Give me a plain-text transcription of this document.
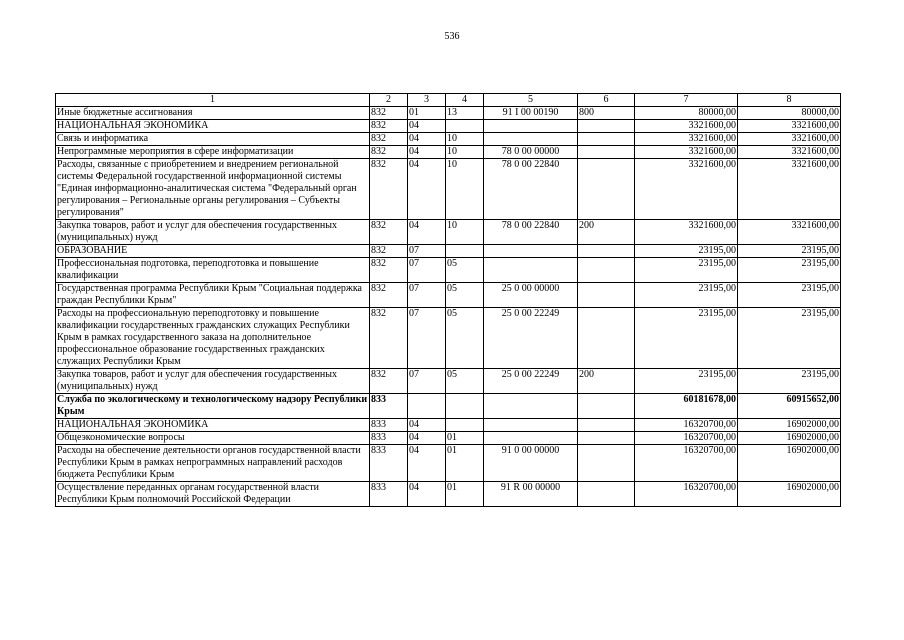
536
1	2	3	4	5	6	7	8
Иные бюджетные ассигнования	832	01	13	91 I 00 00190	800	80000,00	80000,00
НАЦИОНАЛЬНАЯ ЭКОНОМИКА	832	04				3321600,00	3321600,00
Связь и информатика	832	04	10			3321600,00	3321600,00
Непрограммные мероприятия в сфере информатизации	832	04	10	78 0 00 00000		3321600,00	3321600,00
Расходы, связанные с приобретением и внедрением региональной системы Федеральной государственной информационной системы "Единая информационно-аналитическая система "Федеральный орган регулирования – Региональные органы регулирования – Субъекты регулирования"	832	04	10	78 0 00 22840		3321600,00	3321600,00
Закупка товаров, работ и услуг для обеспечения государственных (муниципальных) нужд	832	04	10	78 0 00 22840	200	3321600,00	3321600,00
ОБРАЗОВАНИЕ	832	07				23195,00	23195,00
Профессиональная подготовка, переподготовка и повышение квалификации	832	07	05			23195,00	23195,00
Государственная программа Республики Крым "Социальная поддержка граждан Республики Крым"	832	07	05	25 0 00 00000		23195,00	23195,00
Расходы на профессиональную переподготовку и повышение квалификации государственных гражданских служащих Республики Крым в рамках государственного заказа на дополнительное профессиональное образование государственных гражданских служащих Республики Крым	832	07	05	25 0 00 22249		23195,00	23195,00
Закупка товаров, работ и услуг для обеспечения государственных (муниципальных) нужд	832	07	05	25 0 00 22249	200	23195,00	23195,00
Служба по экологическому и технологическому надзору Республики Крым	833					60181678,00	60915652,00
НАЦИОНАЛЬНАЯ ЭКОНОМИКА	833	04				16320700,00	16902000,00
Общеэкономические вопросы	833	04	01			16320700,00	16902000,00
Расходы на обеспечение деятельности органов государственной власти Республики Крым в рамках непрограммных направлений расходов бюджета Республики Крым	833	04	01	91 0 00 00000		16320700,00	16902000,00
Осуществление переданных органам государственной власти Республики Крым полномочий Российской Федерации	833	04	01	91 R 00 00000		16320700,00	16902000,00
